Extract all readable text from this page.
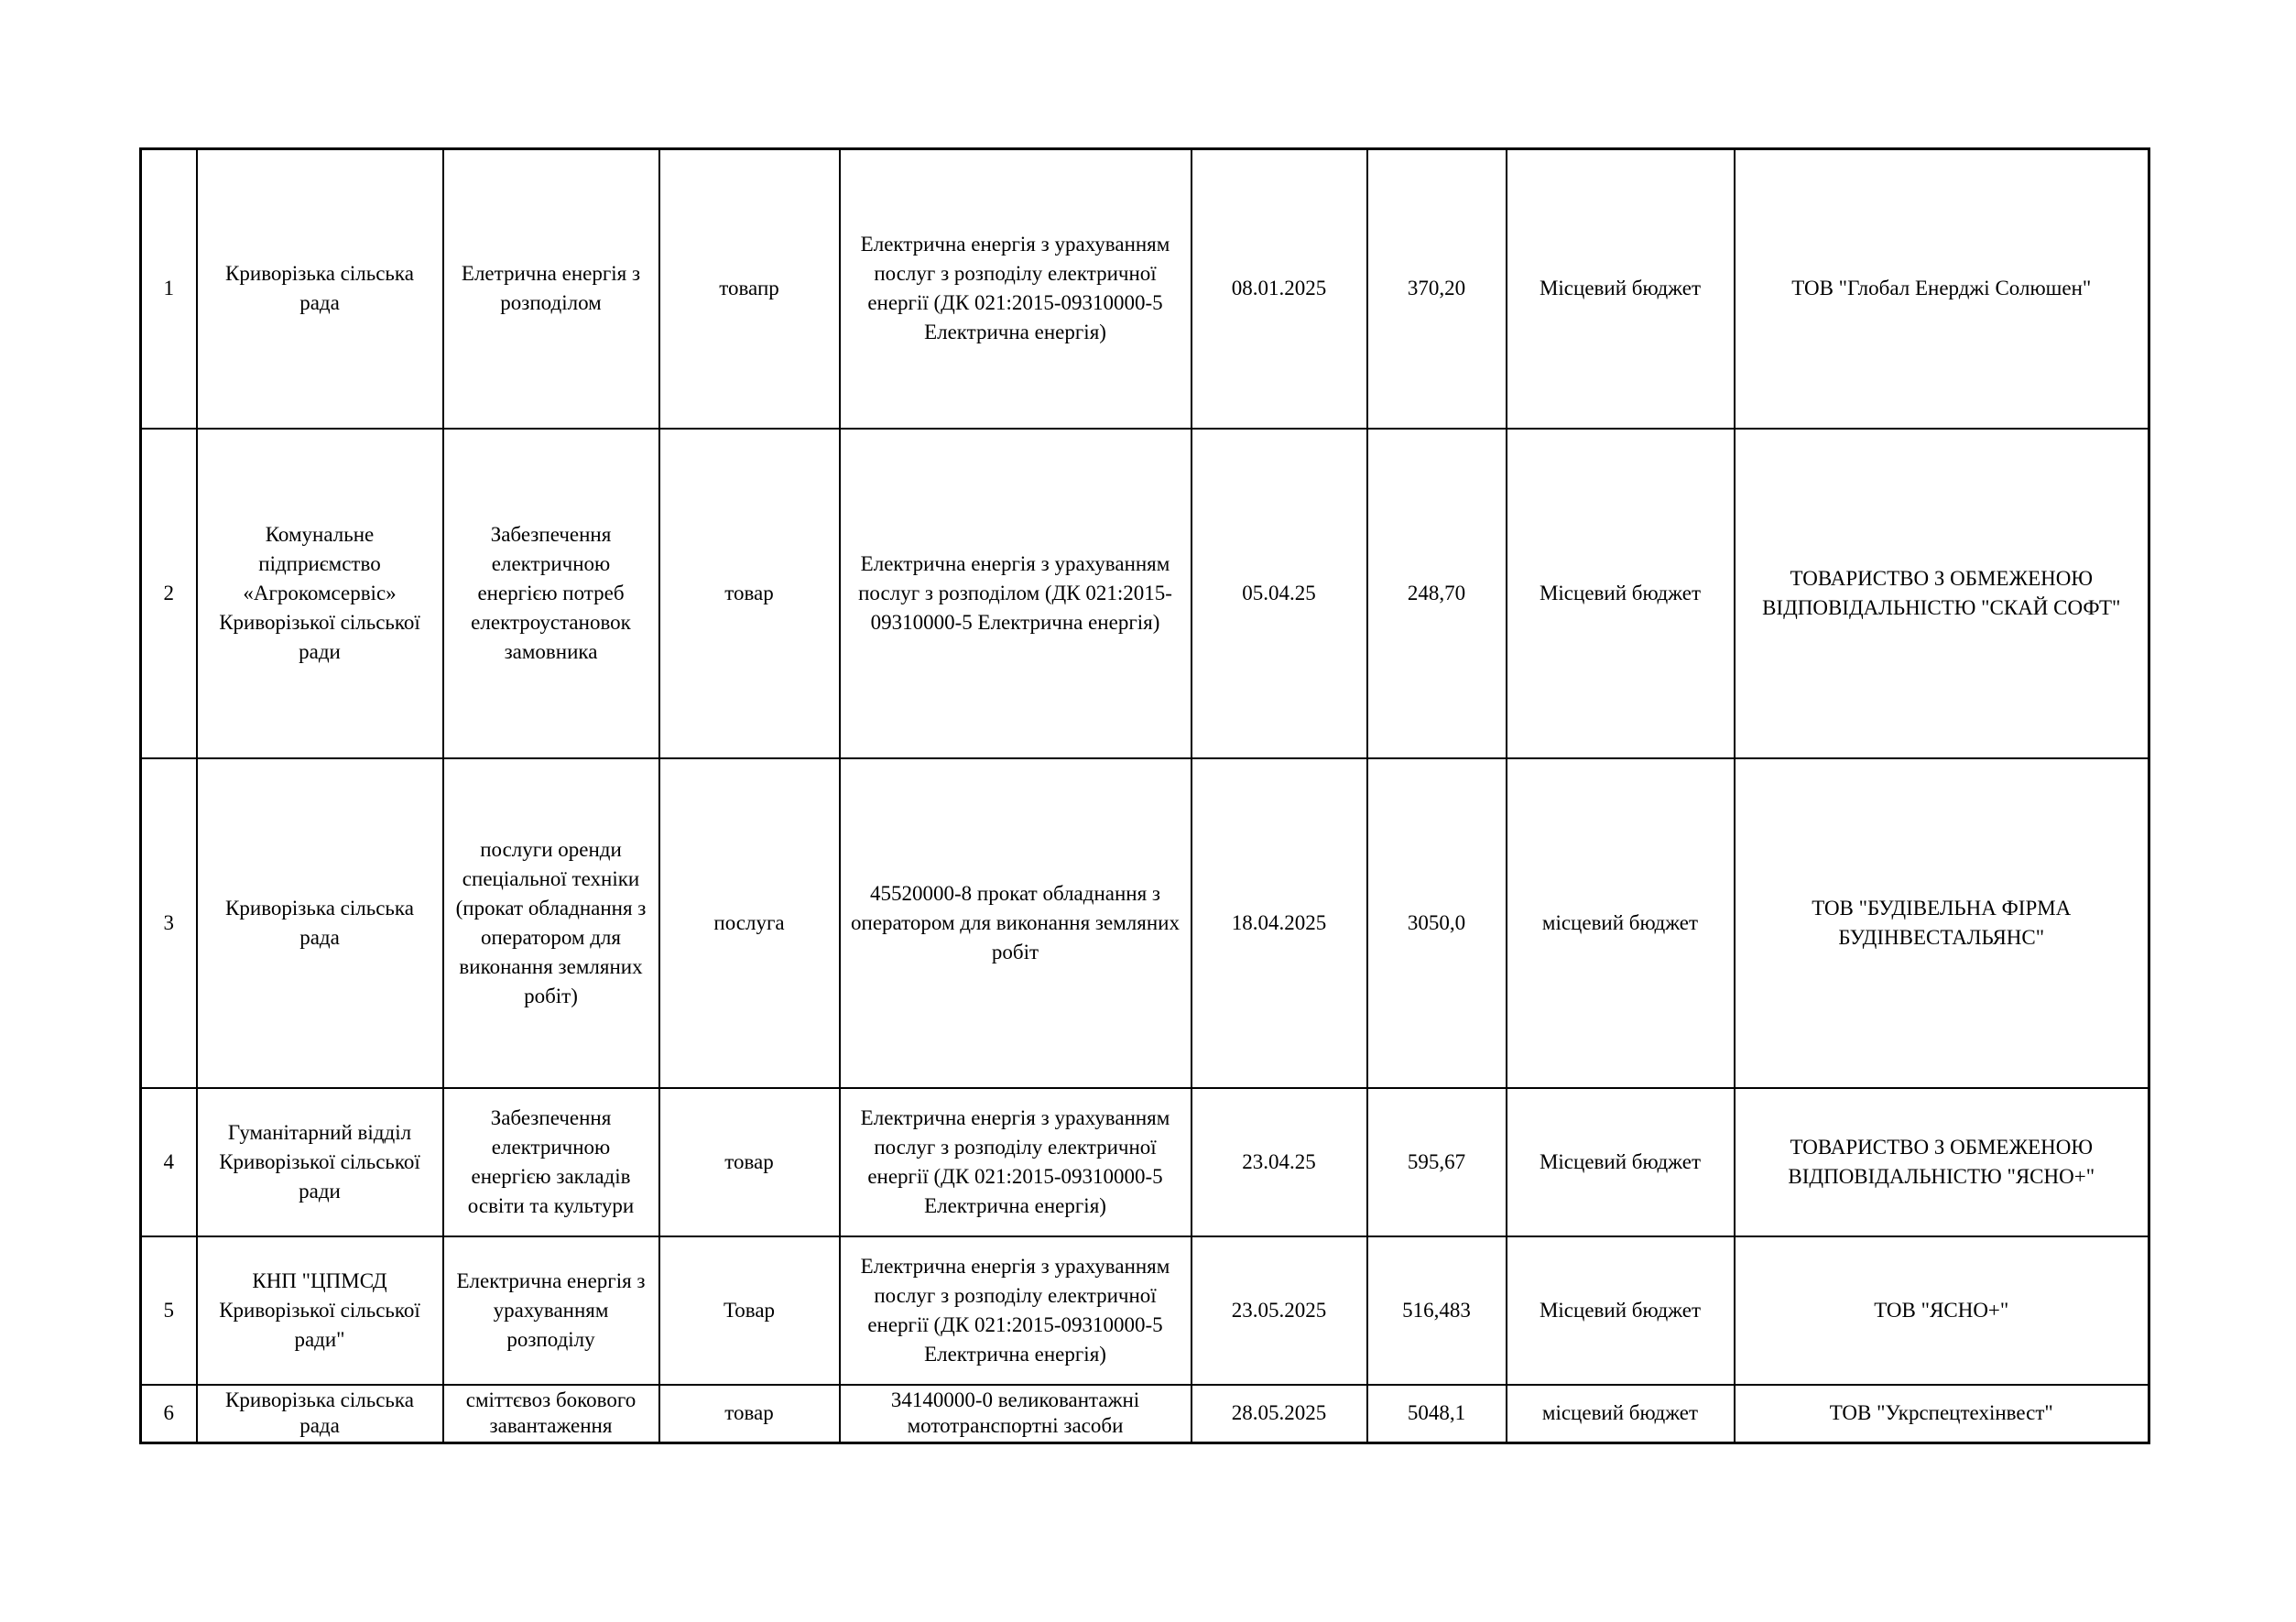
1	Криворізька сільська рада	Елетрична енергія з розподілом	товапр	Електрична енергія з урахуванням послуг з розподілу електричної енергії (ДК 021:2015-09310000-5 Електрична енергія)	08.01.2025	370,20	Місцевий бюджет	ТОВ "Глобал Енерджі Солюшен"
2	Комунальне підприємство «Агрокомсервіс» Криворізької сільської ради	Забезпечення електричною енергією потреб електроустановок замовника	товар	Електрична енергія з урахуванням послуг з розподілом (ДК 021:2015-09310000-5 Електрична енергія)	05.04.25	248,70	Місцевий бюджет	ТОВАРИСТВО З ОБМЕЖЕНОЮ ВІДПОВІДАЛЬНІСТЮ "СКАЙ СОФТ"
3	Криворізька сільська рада	послуги оренди спеціальної техніки (прокат обладнання з оператором для виконання земляних робіт)	послуга	45520000-8 прокат обладнання з оператором для виконання земляних робіт	18.04.2025	3050,0	місцевий бюджет	ТОВ "БУДІВЕЛЬНА ФІРМА БУДІНВЕСТАЛЬЯНС"
4	Гуманітарний відділ Криворізької сільської ради	Забезпечення електричною енергією закладів освіти та культури	товар	Електрична енергія з урахуванням послуг з розподілу електричної енергії (ДК 021:2015-09310000-5 Електрична енергія)	23.04.25	595,67	Місцевий бюджет	ТОВАРИСТВО З ОБМЕЖЕНОЮ ВІДПОВІДАЛЬНІСТЮ "ЯСНО+"
5	КНП "ЦПМСД Криворізької сільської ради"	Електрична енергія з урахуванням розподілу	Товар	Електрична енергія з урахуванням послуг з розподілу електричної енергії (ДК 021:2015-09310000-5 Електрична енергія)	23.05.2025	516,483	Місцевий бюджет	ТОВ "ЯСНО+"
6	Криворізька сільська рада	сміттєвоз бокового завантаження	товар	34140000-0 великовантажні мототранспортні засоби	28.05.2025	5048,1	місцевий бюджет	ТОВ "Укрспецтехінвест"
